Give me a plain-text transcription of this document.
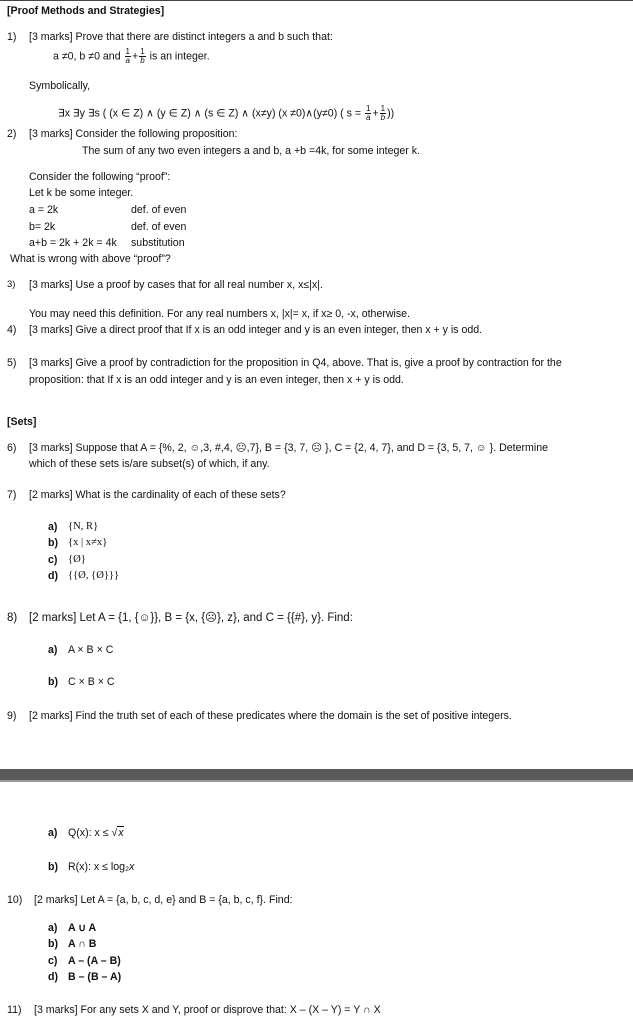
[Proof Methods and Strategies]
1) [3 marks] Prove that there are distinct integers a and b such that:
a ≠0, b ≠0 and $\frac{1}{a} + \frac{1}{b}$ is an integer.
Symbolically,
∃x ∃y ∃s ( (x ∈ Z) ∧ (y ∈ Z) ∧ (s ∈ Z) ∧ (x≠y) (x ≠0)∧(y≠0) ( $s = \frac{1}{a} + \frac{1}{b}$ ))
2) [3 marks] Consider the following proposition:
The sum of any two even integers a and b, a +b =4k, for some integer k.
Consider the following “proof”:
Let k be some integer.
a = 2k	def. of even
b= 2k	def. of even
a+b = 2k + 2k = 4k substitution
What is wrong with above “proof”?
3) [3 marks] Use a proof by cases that for all real number x, x≤|x|.
You may need this definition. For any real numbers x, |x|= x, if x≥ 0, -x, otherwise.
4) [3 marks] Give a direct proof that If x is an odd integer and y is an even integer, then x + y is odd.
5) [3 marks] Give a proof by contradiction for the proposition in Q4, above. That is, give a proof by contraction for the
proposition: that If x is an odd integer and y is an even integer, then x + y is odd.
[Sets]
6) [3 marks] Suppose that A = {%, 2, ☺,3, #,4, ☹,7}, B = {3, 7, ☹ }, C = {2, 4, 7}, and D = {3, 5, 7, ☺ }. Determine
which of these sets is/are subset(s) of which, if any.
7) [2 marks] What is the cardinality of each of these sets?
a) {N, R}
b) {x | x≠x}
c) {Ø}
d) {{Ø, {Ø}}}
8) [2 marks] Let A = {1, {☺}}, B = {x, {☹}, z}, and C = {{#}, y}. Find:
a) A × B × C
b) C × B × C
9) [2 marks] Find the truth set of each of these predicates where the domain is the set of positive integers.
a) Q(x): x ≤ √x
b) R(x): x ≤ log₂x
10) [2 marks] Let A = {a, b, c, d, e} and B = {a, b, c, f}. Find:
a) A ∪ A
b) A ∩ B
c) A – (A – B)
d) B – (B – A)
11) [3 marks] For any sets X and Y, proof or disprove that: X – (X – Y) = Y ∩ X
